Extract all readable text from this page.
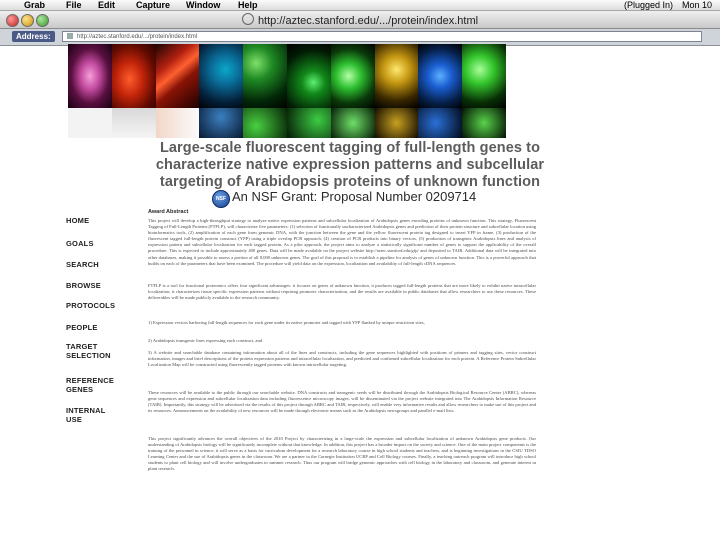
Grab File Edit Capture Window Help	(Plugged In) Mon 10
http://aztec.stanford.edu/.../protein/index.html
Address:	http://aztec.stanford.edu/.../protein/index.html
Large-scale fluorescent tagging of full-length genes to characterize native expression patterns and subcellular targeting of Arabidopsis proteins of unknown function
NSF An NSF Grant: Proposal Number 0209714
HOME
GOALS
SEARCH
BROWSE
PROTOCOLS
PEOPLE
TARGET SELECTION
REFERENCE GENES
INTERNAL USE
Award Abstract
This project will develop a high-throughput strategy to analyze native expression patterns and subcellular localization of Arabidopsis genes encoding proteins of unknown function. This strategy, Fluorescent Tagging of Full-Length Proteins (FTFLP), will characterize five parameters: (1) selection of functionally uncharacterized Arabidopsis genes and prediction of their protein structure and subcellular location using bioinformatics tools, (2) amplification of each gene from genomic DNA, with the junction between the gene and the yellow fluorescent protein tag designed to insert YFP in frame, (3) production of the fluorescent tagged full-length protein construct (YFP) using a triple overlap PCR approach, (4) creation of PCR products into binary vectors, (5) production of transgenic Arabidopsis lines and analysis of expression pattern and subcellular localization for each tagged protein. As a pilot approach, the project aims to analyze a statistically significant number of genes to support the applicability of the overall procedure. This is expected to include approximately 400 genes. Data will be made available on the project website http://aztec.stanford.edu/gfp/ and deposited to TAIR. Additional data will be integrated into other databases, making it possible to assess a portion of all 8,000 unknown genes. The goal of this proposal is to establish a pipeline for analysis of genes of unknown function. This is a powerful approach that builds on each of the parameters that have been examined. The procedure will yield data on the expression, localization and availability of full-length cDNA sequences.
FTFLP is a tool for functional proteomics offers four significant advantages: it focuses on genes of unknown function, it produces tagged full-length proteins that are more likely to exhibit native intracellular localization, it characterizes tissue specific expression patterns without requiring promoter characterization, and the results are available in public databases that allow researchers to use these resources. These deliverables will be made publicly available to the research community.
1) Expression vectors harboring full-length sequences for each gene under its native promoter and tagged with YFP flanked by unique restriction sites,
2) Arabidopsis transgenic lines expressing each construct, and
3) A website and searchable database containing information about all of the lines and constructs, including the gene sequences highlighted with positions of primers and tagging sites, vector construct information, images and brief descriptions of the protein expression patterns and intracellular localization, and predicted and confirmed subcellular localization for each protein. A Reference Protein Subcellular Localization Map will be constructed using fluorescently tagged proteins with known intracellular targeting.
These resources will be available to the public through our searchable website. DNA constructs and transgenic seeds will be distributed through the Arabidopsis Biological Resource Center (ABRC), whereas gene sequences and expression and subcellular localization data including fluorescence microscopy images, will be disseminated via the project website integrated into The Arabidopsis Information Resource (TAIR). Importantly, this strategy will be advertised via the results of this project through ABRC and TAIR, respectively, will enable very informative results and allow researchers to make use of this project and its resources. Announcements on the availability of new resources will be made through electronic means such as the Arabidopsis newsgroups and parallel e-mail lists.
This project significantly advances the overall objectives of the 2010 Project by characterizing in a large-scale the expression and subcellular localization of unknown Arabidopsis gene products. Our understanding of Arabidopsis biology will be significantly incomplete without that knowledge. In addition, this project has a broader impact on the society and science. One of the main project components is the training of the personnel in science, it will serve as a basis for curriculum development for a research laboratory course in high school students and teachers, and is beginning investigations in the CSIU TDSO Learning Center and the use of Arabidopsis genes in the classroom. We are a partner in the Carnegie Institution UCRP and Cell Biology courses. Finally, a teaching outreach program will introduce high school students to plant cell biology and will involve undergraduates in summer research. Thus our program will bridge genomic approaches with cell biology in the laboratory and classroom, and generate interest in plant research.
